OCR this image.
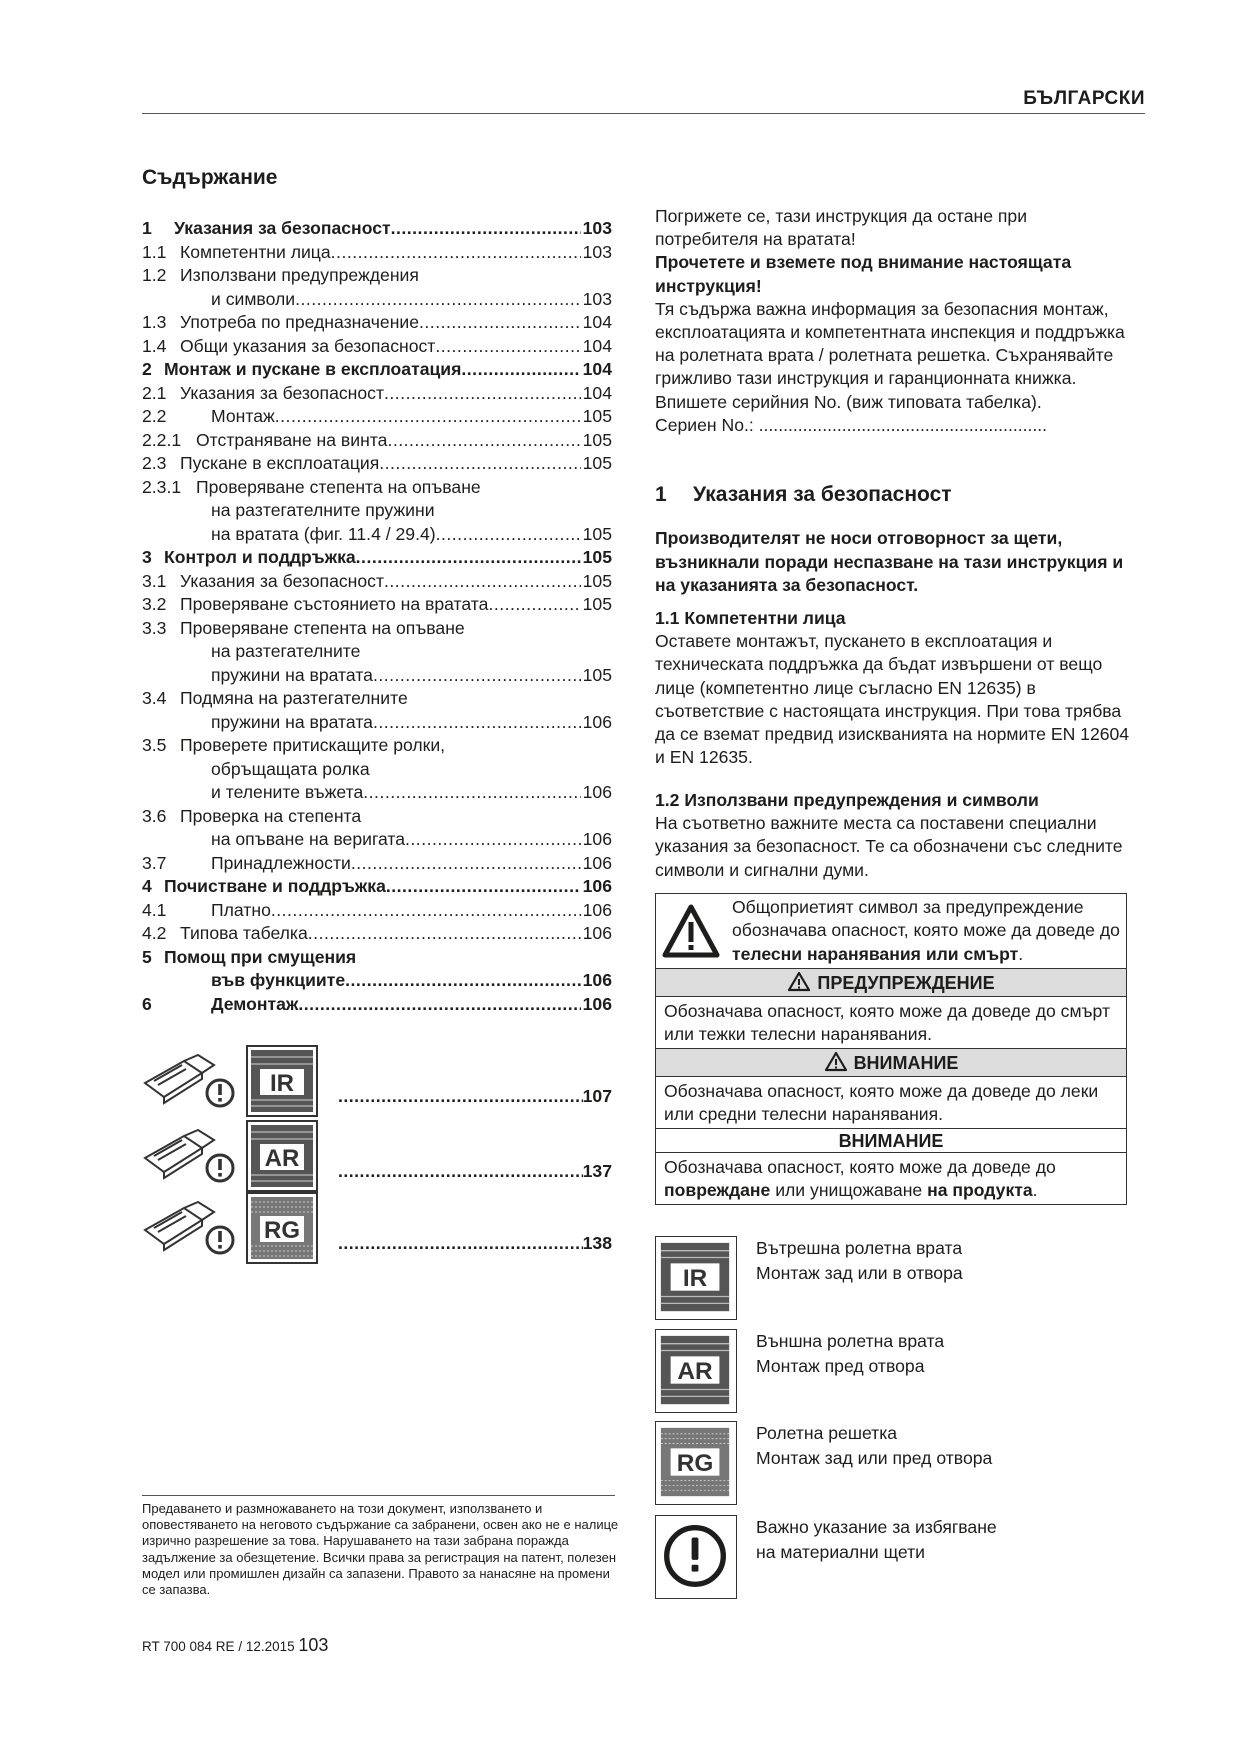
БЪЛГАРСКИ
Съдържание
1	Указания за безопасност .....	103
1.1 Компетентни лица .....	103
1.2 Използвани предупреждения
и символи .....	103
1.3 Употреба по предназначение .....	104
1.4 Общи указания за безопасност .....	104
2 Монтаж и пускане в експлоатация .....	104
2.1 Указания за безопасност .....	104
2.2	Монтаж .....	105
2.2.1 Отстраняване на винта .....	105
2.3 Пускане в експлоатация .....	105
2.3.1 Проверяване степента на опъване
на разтегателните пружини
на вратата (фиг. 11.4 / 29.4) .....	105
3 Контрол и поддръжка .....	105
3.1 Указания за безопасност .....	105
3.2 Проверяване състоянието на вратата .....	105
3.3 Проверяване степента на опъване
на разтегателните
пружини на вратата .....	105
3.4 Подмяна на разтегателните
пружини на вратата .....	106
3.5 Проверете притискащите ролки,
обръщащата ролка
и телените въжета .....	106
3.6 Проверка на степента
на опъване на веригата .....	106
3.7	Принадлежности .....	106
4 Почистване и поддръжка .....	106
4.1	Платно .....	106
4.2 Типова табелка .....	106
5 Помощ при смущения
във функциите .....	106
6	Демонтаж .....	106
IR .....	107
AR .....	137
RG .....	138
Предаването и размножаването на този документ, използването и оповестяването на неговото съдържание са забранени, освен ако не е налице изрично разрешение за това. Нарушаването на тази забрана поражда задължение за обезщетение. Всички права за регистрация на патент, полезен модел или промишлен дизайн са запазени. Правото за нанасяне на промени се запазва.
RT 700 084 RE / 12.2015 103
Погрижете се, тази инструкция да остане при потребителя на вратата!
Прочетете и вземете под внимание настоящата инструкция!
Тя съдържа важна информация за безопасния монтаж, експлоатацията и компетентната инспекция и поддръжка на ролетната врата / ролетната решетка. Съхранявайте грижливо тази инструкция и гаранционната книжка.
Впишете серийния No. (виж типовата табелка).
Сериен No.: ...........................................................
1 Указания за безопасност
Производителят не носи отговорност за щети, възникнали поради неспазване на тази инструкция и на указанията за безопасност.
1.1 Компетентни лица
Оставете монтажът, пускането в експлоатация и техническата поддръжка да бъдат извършени от вещо лице (компетентно лице съгласно EN 12635) в съответствие с настоящата инструкция. При това трябва да се вземат предвид изискванията на нормите EN 12604 и EN 12635.
1.2 Използвани предупреждения и символи
На съответно важните места са поставени специални указания за безопасност. Те са обозначени със следните символи и сигнални думи.
Общоприетият символ за предупреждение обозначава опасност, която може да доведе до телесни наранявания или смърт.
ПРЕДУПРЕЖДЕНИЕ
Обозначава опасност, която може да доведе до смърт или тежки телесни наранявания.
ВНИМАНИЕ
Обозначава опасност, която може да доведе до леки или средни телесни наранявания.
ВНИМАНИЕ
Обозначава опасност, която може да доведе до повреждане или унищожаване на продукта.
IR
Вътрешна ролетна врата
Монтаж зад или в отвора
AR
Външна ролетна врата
Монтаж пред отвора
RG
Ролетна решетка
Монтаж зад или пред отвора
Важно указание за избягване
на материални щети
